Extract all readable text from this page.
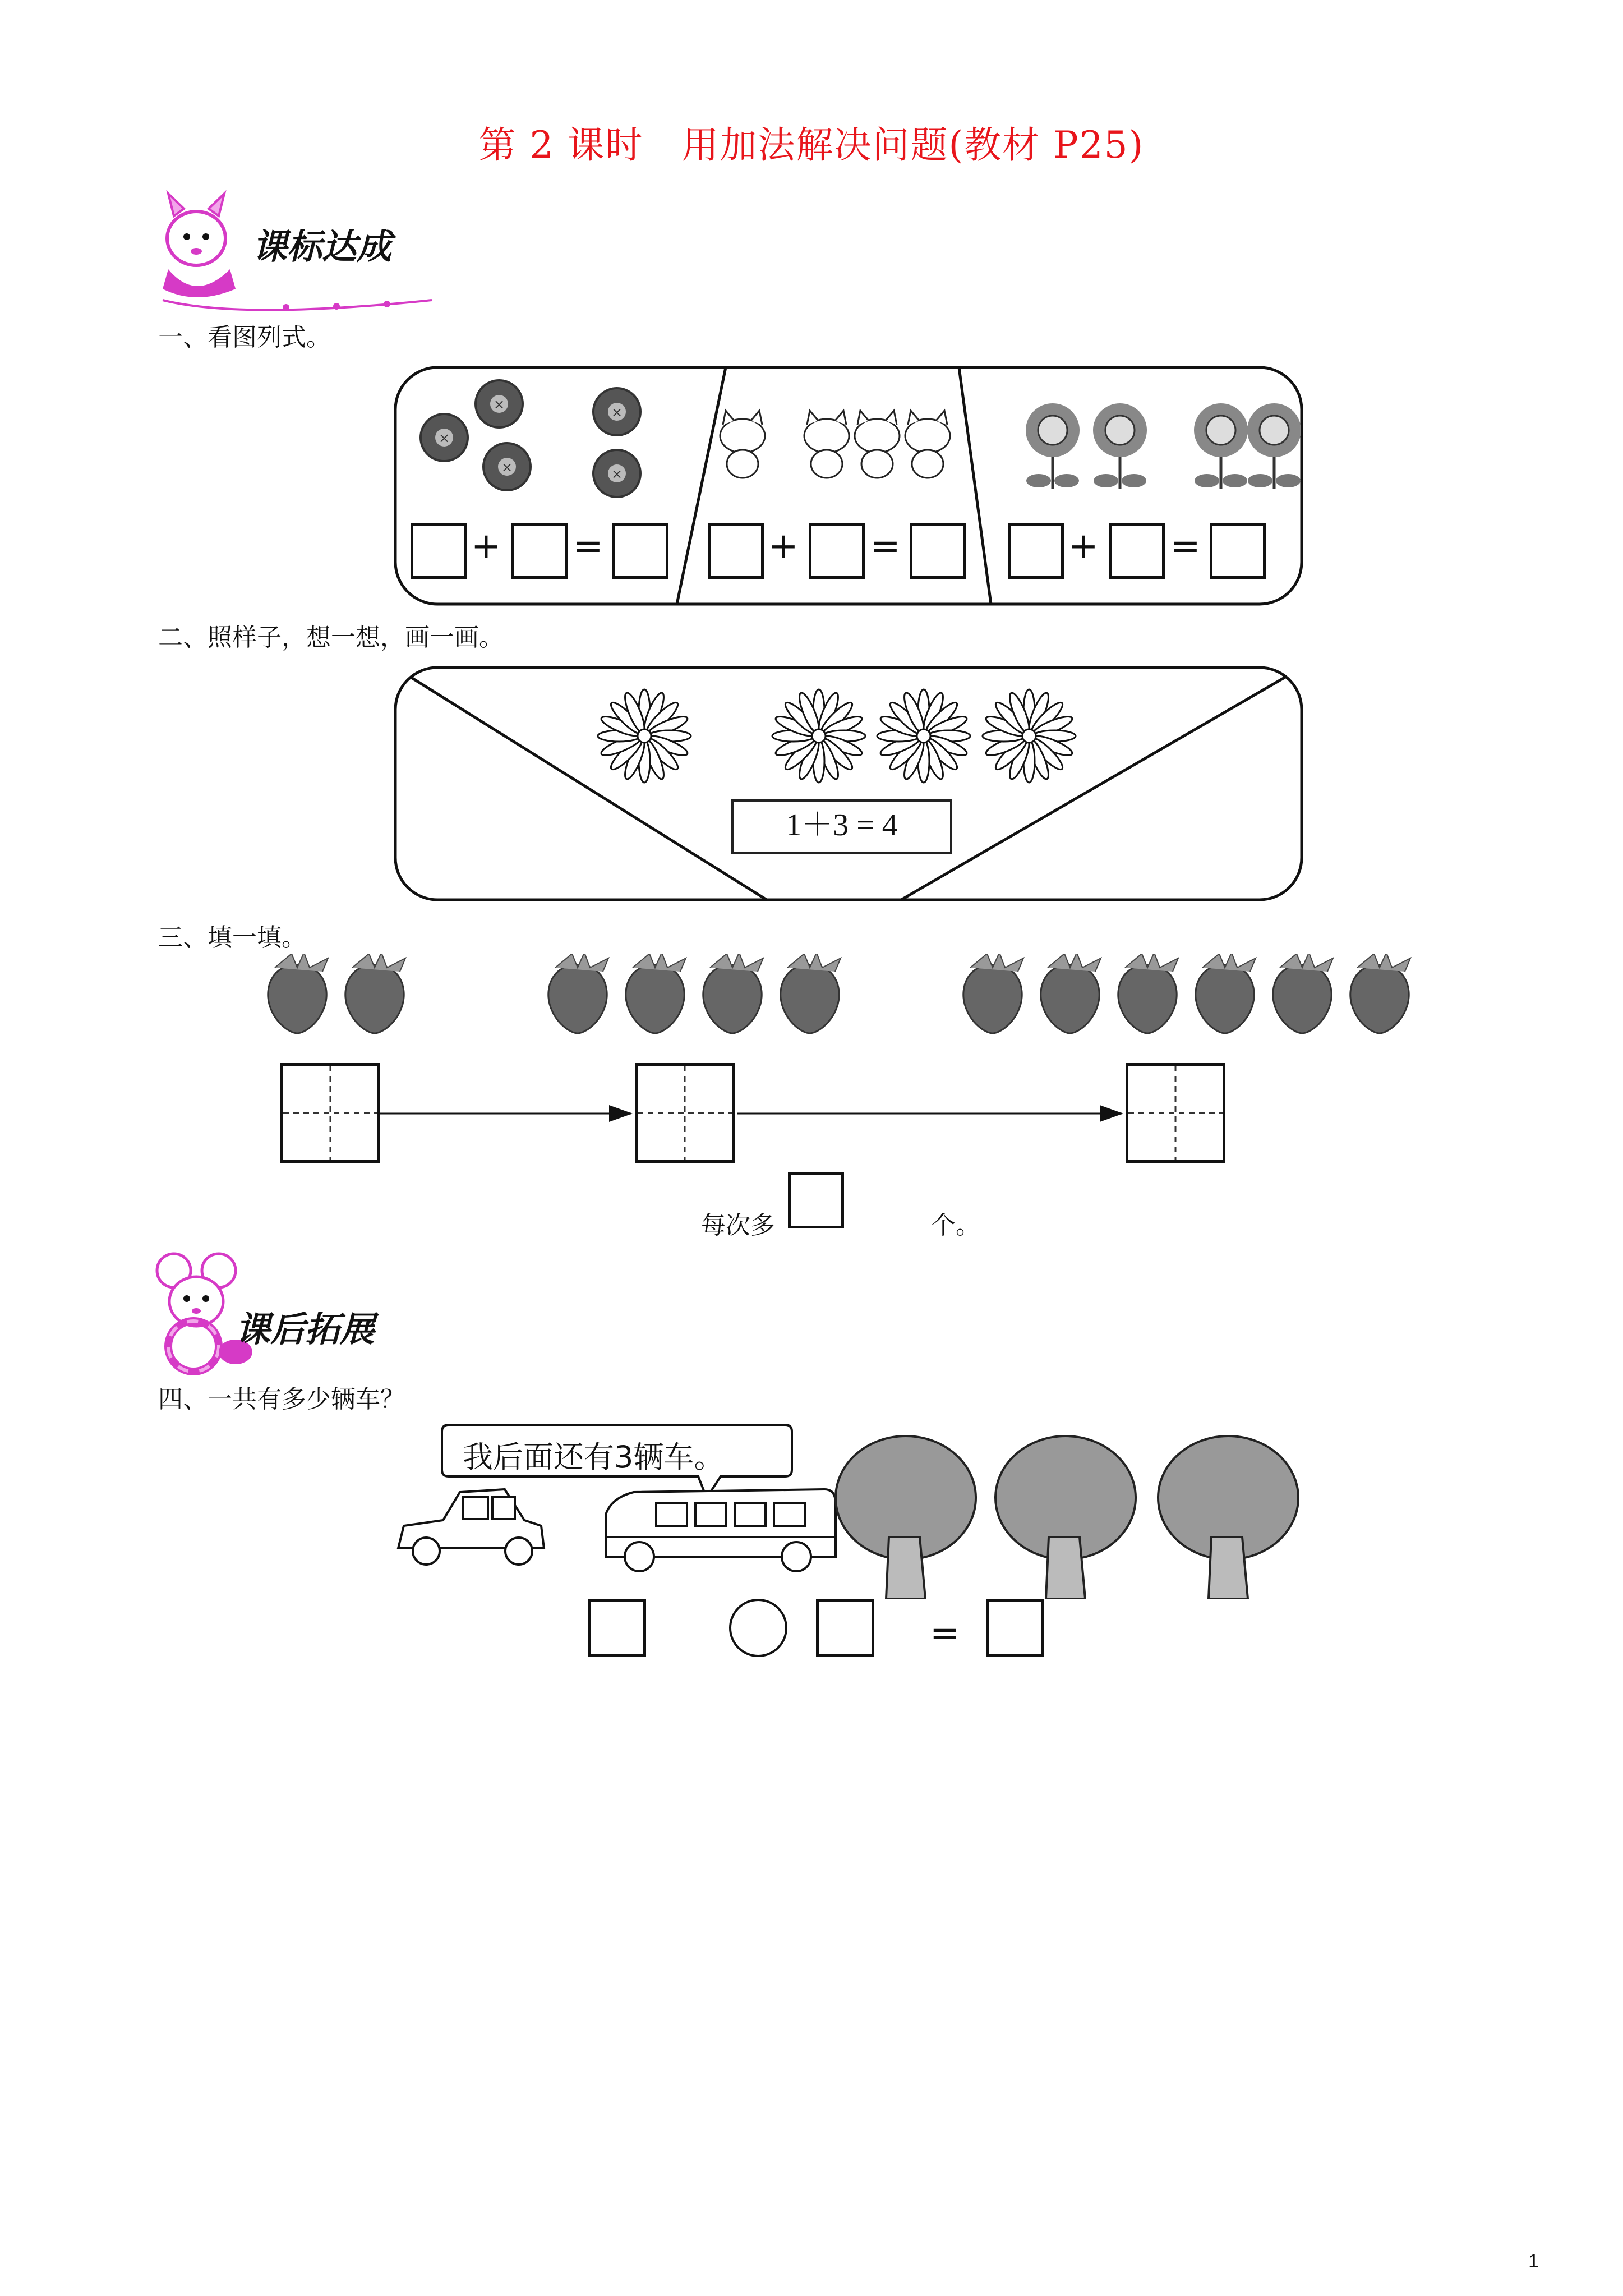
第 2 课时　用加法解决问题(教材 P25)
课标达成
一、看图列式。
×
×
×
×
×
+ =	+ =	+ =
二、照样子，想一想，画一画。
1＋3 = 4
三、填一填。
每次多	个。
课后拓展
四、一共有多少辆车？
我后面还有3辆车。
=
1
